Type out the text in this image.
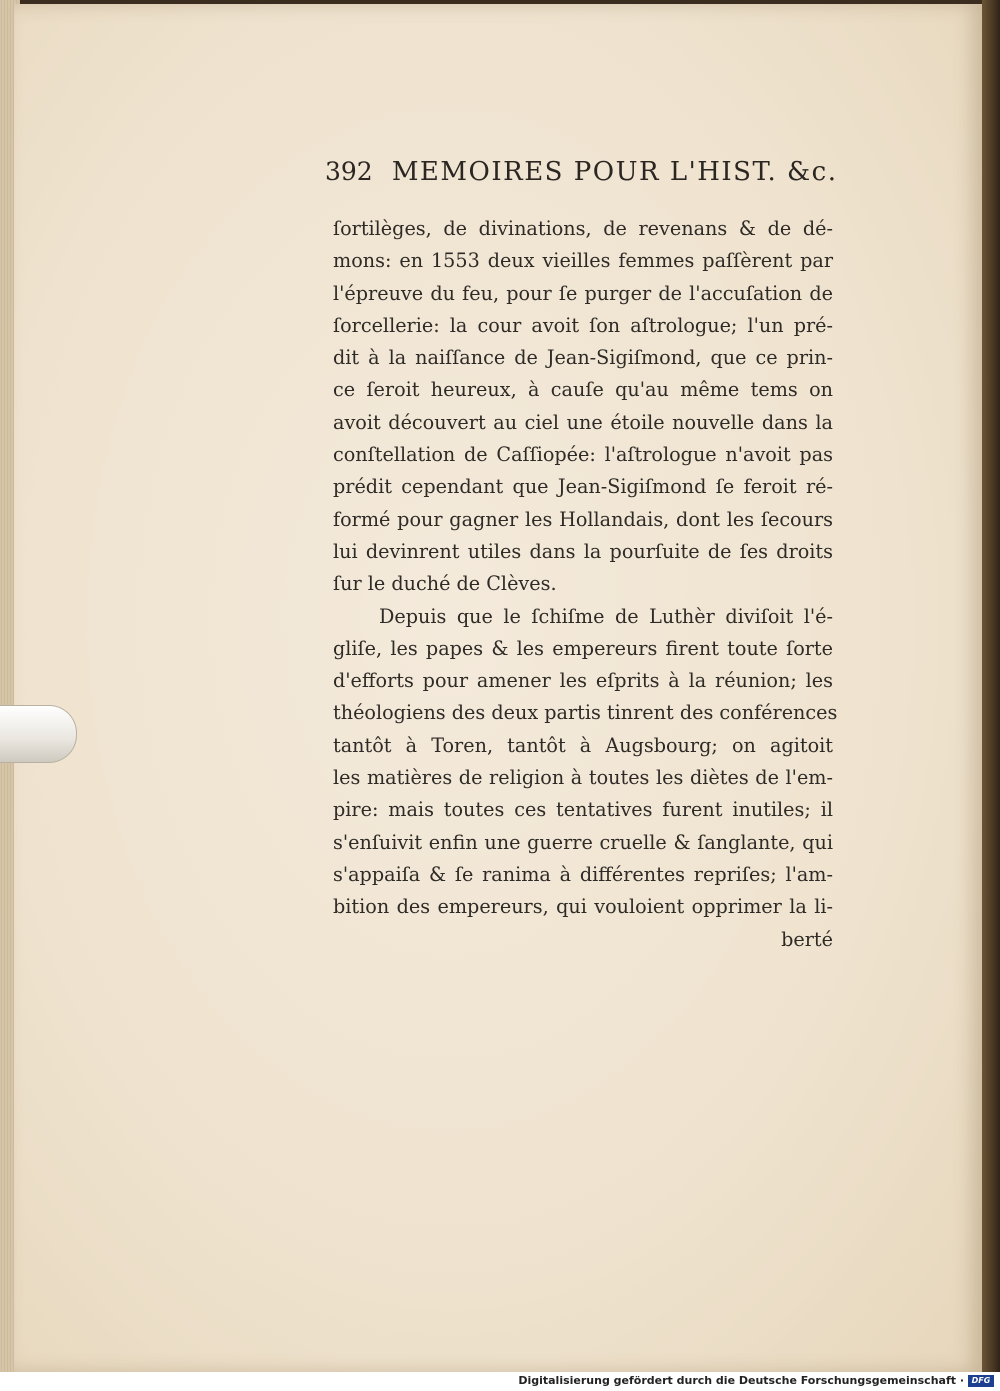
392 MEMOIRES POUR L'HIST. &c.
ſortilèges, de divinations, de revenans & de dé-
mons: en 1553 deux vieilles femmes paſſèrent par
l'épreuve du feu, pour ſe purger de l'accuſation de
ſorcellerie: la cour avoit ſon aſtrologue; l'un pré-
dit à la naiſſance de Jean-Sigiſmond, que ce prin-
ce ſeroit heureux, à cauſe qu'au même tems on
avoit découvert au ciel une étoile nouvelle dans la
conſtellation de Caſſiopée: l'aſtrologue n'avoit pas
prédit cependant que Jean-Sigiſmond ſe feroit ré-
formé pour gagner les Hollandais, dont les ſecours
lui devinrent utiles dans la pourſuite de ſes droits
ſur le duché de Clèves.
Depuis que le ſchiſme de Luthèr diviſoit l'é-
gliſe, les papes & les empereurs firent toute ſorte
d'efforts pour amener les eſprits à la réunion; les
théologiens des deux partis tinrent des conférences
tantôt à Toren, tantôt à Augsbourg; on agitoit
les matières de religion à toutes les diètes de l'em-
pire: mais toutes ces tentatives furent inutiles; il
s'enſuivit enfin une guerre cruelle & ſanglante, qui
s'appaiſa & ſe ranima à différentes repriſes; l'am-
bition des empereurs, qui vouloient opprimer la li-
berté
Digitalisierung gefördert durch die Deutsche Forschungsgemeinschaft · DFG
